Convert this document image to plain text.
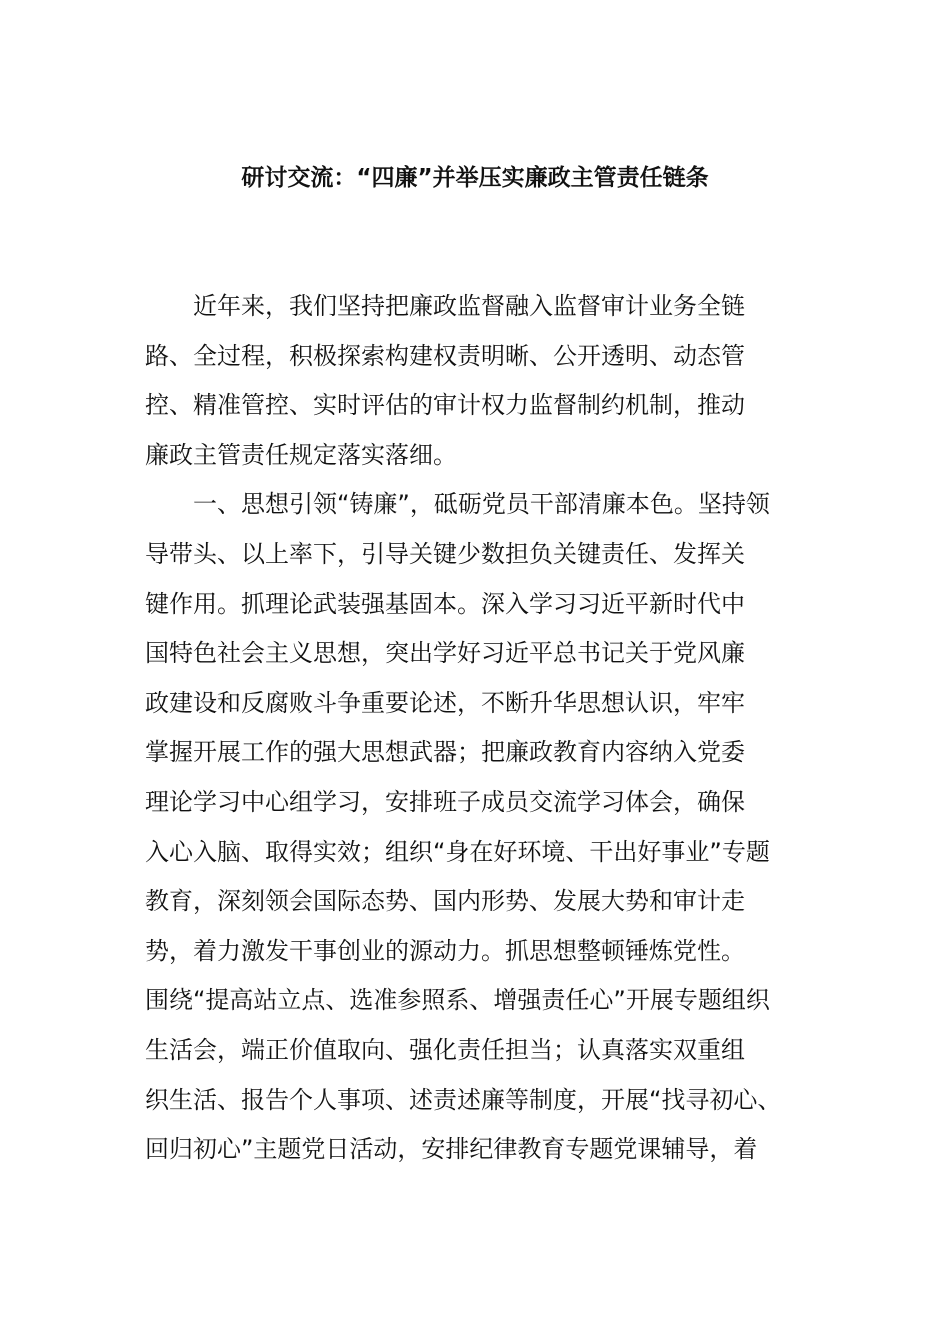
研讨交流：“四廉”并举压实廉政主管责任链条
近年来，我们坚持把廉政监督融入监督审计业务全链
路、全过程，积极探索构建权责明晰、公开透明、动态管
控、精准管控、实时评估的审计权力监督制约机制，推动
廉政主管责任规定落实落细。
一、思想引领“铸廉”，砥砺党员干部清廉本色。坚持领
导带头、以上率下，引导关键少数担负关键责任、发挥关
键作用。抓理论武装强基固本。深入学习习近平新时代中
国特色社会主义思想，突出学好习近平总书记关于党风廉
政建设和反腐败斗争重要论述，不断升华思想认识，牢牢
掌握开展工作的强大思想武器；把廉政教育内容纳入党委
理论学习中心组学习，安排班子成员交流学习体会，确保
入心入脑、取得实效；组织“身在好环境、干出好事业”专题
教育，深刻领会国际态势、国内形势、发展大势和审计走
势，着力激发干事创业的源动力。抓思想整顿锤炼党性。
围绕“提高站立点、选准参照系、增强责任心”开展专题组织
生活会，端正价值取向、强化责任担当；认真落实双重组
织生活、报告个人事项、述责述廉等制度，开展“找寻初心、
回归初心”主题党日活动，安排纪律教育专题党课辅导，着
